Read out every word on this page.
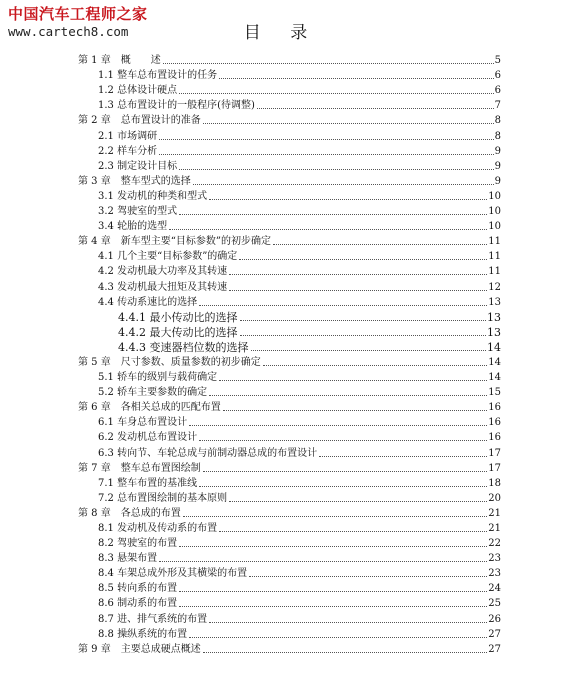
中国汽车工程师之家
www.cartech8.com	目 录
第 1 章　概　　述	5
1.1 整车总布置设计的任务	6
1.2 总体设计硬点	6
1.3 总布置设计的一般程序(待调整)	7
第 2 章　总布置设计的准备	8
2.1 市场调研	8
2.2 样车分析	9
2.3 制定设计目标	9
第 3 章　整车型式的选择	9
3.1 发动机的种类和型式	10
3.2 驾驶室的型式	10
3.4 轮胎的选型	10
第 4 章　新车型主要“目标参数”的初步确定	11
4.1 几个主要“目标参数”的确定	11
4.2 发动机最大功率及其转速	11
4.3 发动机最大扭矩及其转速	12
4.4 传动系速比的选择	13
4.4.1 最小传动比的选择	13
4.4.2 最大传动比的选择	13
4.4.3 变速器档位数的选择	14
第 5 章　尺寸参数、质量参数的初步确定	14
5.1 轿车的级别与载荷确定	14
5.2 轿车主要参数的确定	15
第 6 章　各相关总成的匹配布置	16
6.1 车身总布置设计	16
6.2 发动机总布置设计	16
6.3 转向节、车轮总成与前制动器总成的布置设计	17
第 7 章　整车总布置图绘制	17
7.1 整车布置的基准线	18
7.2 总布置图绘制的基本原则	20
第 8 章　各总成的布置	21
8.1 发动机及传动系的布置	21
8.2 驾驶室的布置	22
8.3 悬架布置	23
8.4 车架总成外形及其横梁的布置	23
8.5 转向系的布置	24
8.6 制动系的布置	25
8.7 进、排气系统的布置	26
8.8 操纵系统的布置	27
第 9 章　主要总成硬点概述	27
